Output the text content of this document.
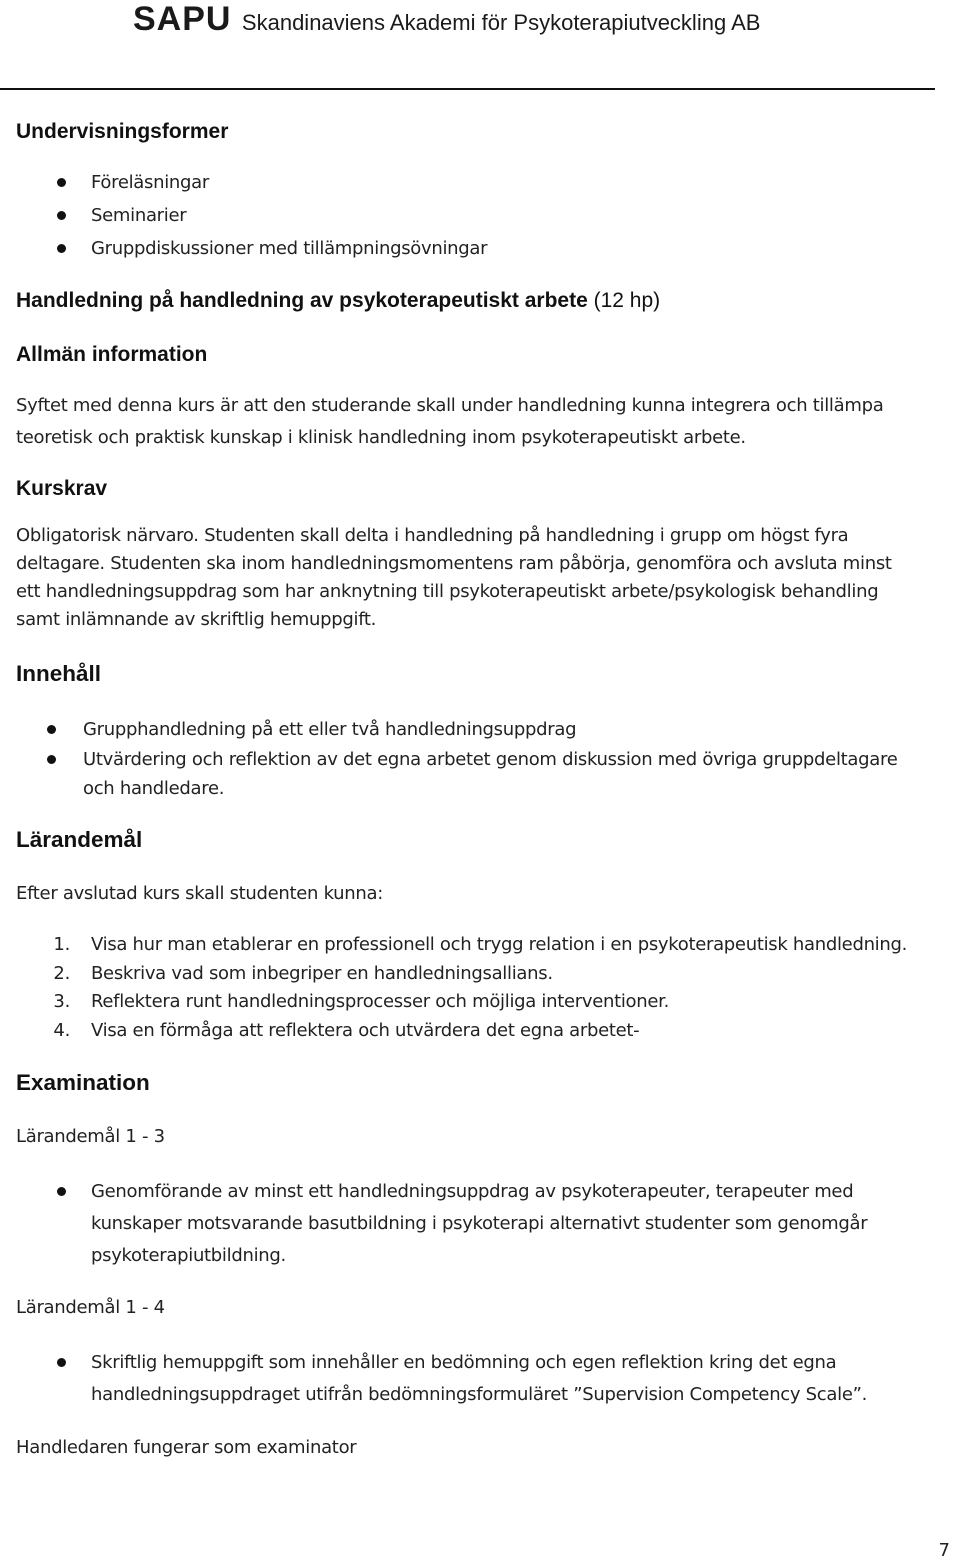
SAPU Skandinaviens Akademi för Psykoterapiutveckling AB
Undervisningsformer
Föreläsningar
Seminarier
Gruppdiskussioner med tillämpningsövningar
Handledning på handledning av psykoterapeutiskt arbete (12 hp)
Allmän information
Syftet med denna kurs är att den studerande skall under handledning kunna integrera och tillämpa
teoretisk och praktisk kunskap i klinisk handledning inom psykoterapeutiskt arbete.
Kurskrav
Obligatorisk närvaro. Studenten skall delta i handledning på handledning i grupp om högst fyra
deltagare. Studenten ska inom handledningsmomentens ram påbörja, genomföra och avsluta minst
ett handledningsuppdrag som har anknytning till psykoterapeutiskt arbete/psykologisk behandling
samt inlämnande av skriftlig hemuppgift.
Innehåll
Grupphandledning på ett eller två handledningsuppdrag
Utvärdering och reflektion av det egna arbetet genom diskussion med övriga gruppdeltagare
och handledare.
Lärandemål
Efter avslutad kurs skall studenten kunna:
1. Visa hur man etablerar en professionell och trygg relation i en psykoterapeutisk handledning.
2. Beskriva vad som inbegriper en handledningsallians.
3. Reflektera runt handledningsprocesser och möjliga interventioner.
4. Visa en förmåga att reflektera och utvärdera det egna arbetet-
Examination
Lärandemål 1 - 3
Genomförande av minst ett handledningsuppdrag av psykoterapeuter, terapeuter med
kunskaper motsvarande basutbildning i psykoterapi alternativt studenter som genomgår
psykoterapiutbildning.
Lärandemål 1 - 4
Skriftlig hemuppgift som innehåller en bedömning och egen reflektion kring det egna
handledningsuppdraget utifrån bedömningsformuläret ”Supervision Competency Scale”.
Handledaren fungerar som examinator
7
